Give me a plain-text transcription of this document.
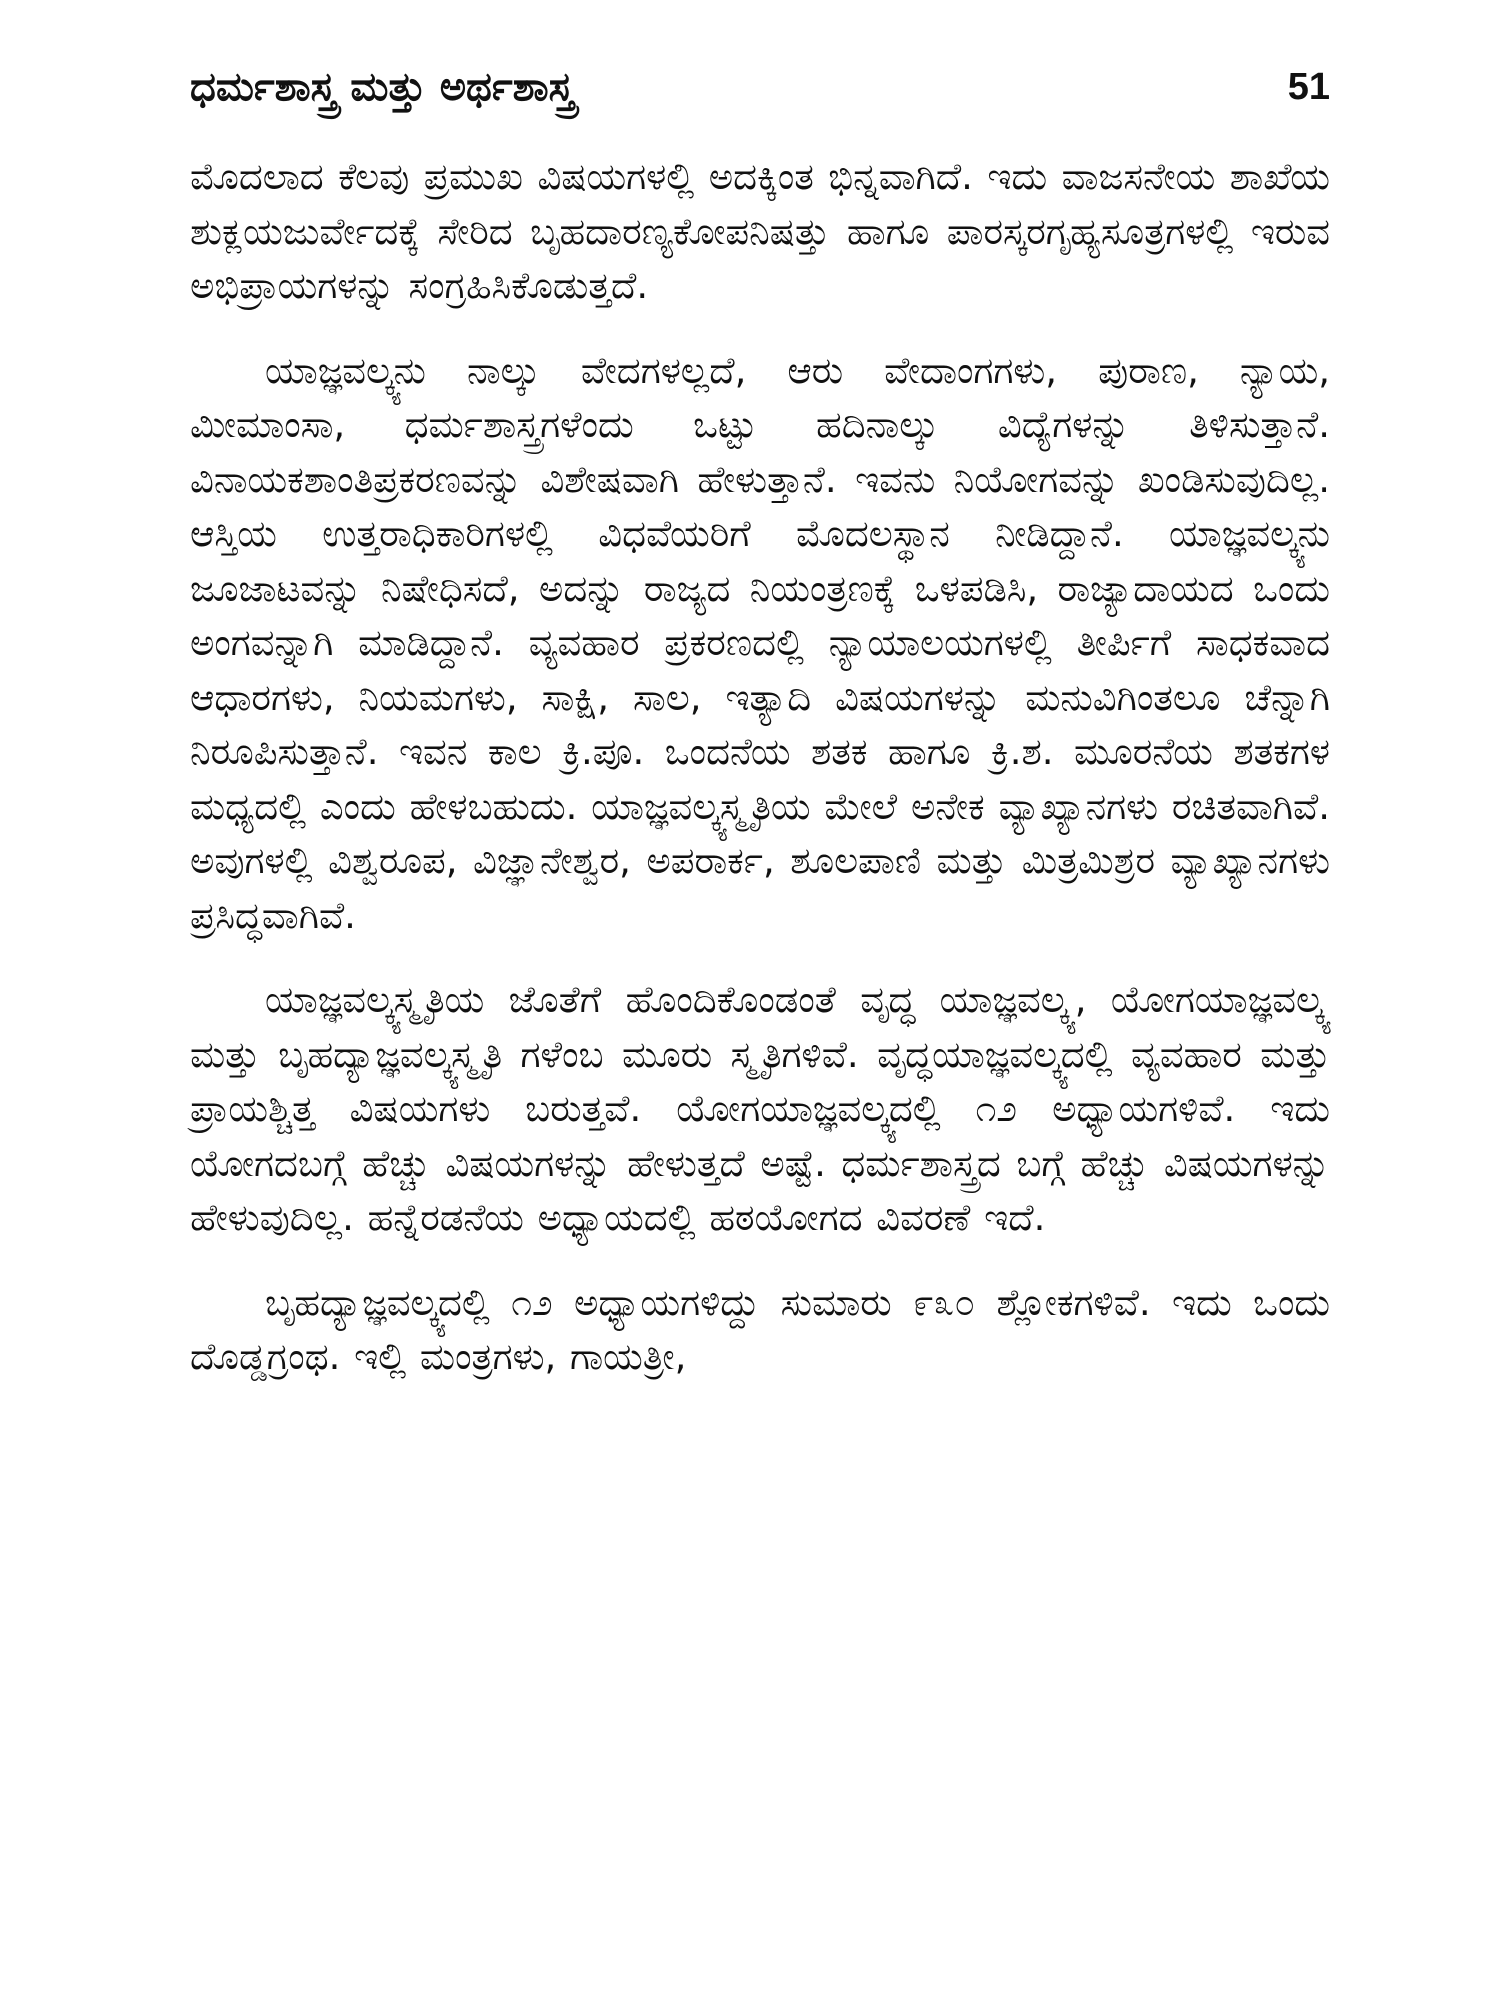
ಧರ್ಮಶಾಸ್ತ್ರ ಮತ್ತು ಅರ್ಥಶಾಸ್ತ್ರ	51

ಮೊದಲಾದ ಕೆಲವು ಪ್ರಮುಖ ವಿಷಯಗಳಲ್ಲಿ ಅದಕ್ಕಿಂತ ಭಿನ್ನವಾಗಿದೆ. ಇದು ವಾಜಸನೇಯ ಶಾಖೆಯ ಶುಕ್ಲಯಜುರ್ವೇದಕ್ಕೆ ಸೇರಿದ ಬೃಹದಾರಣ್ಯಕೋಪನಿಷತ್ತು ಹಾಗೂ ಪಾರಸ್ಕರಗೃಹ್ಯಸೂತ್ರಗಳಲ್ಲಿ ಇರುವ ಅಭಿಪ್ರಾಯಗಳನ್ನು ಸಂಗ್ರಹಿಸಿಕೊಡುತ್ತದೆ.

ಯಾಜ್ಞವಲ್ಕ್ಯನು ನಾಲ್ಕು ವೇದಗಳಲ್ಲದೆ, ಆರು ವೇದಾಂಗಗಳು, ಪುರಾಣ, ನ್ಯಾಯ, ಮೀಮಾಂಸಾ, ಧರ್ಮಶಾಸ್ತ್ರಗಳೆಂದು ಒಟ್ಟು ಹದಿನಾಲ್ಕು ವಿದ್ಯೆಗಳನ್ನು ತಿಳಿಸುತ್ತಾನೆ. ವಿನಾಯಕಶಾಂತಿಪ್ರಕರಣವನ್ನು ವಿಶೇಷವಾಗಿ ಹೇಳುತ್ತಾನೆ. ಇವನು ನಿಯೋಗವನ್ನು ಖಂಡಿಸುವುದಿಲ್ಲ. ಆಸ್ತಿಯ ಉತ್ತರಾಧಿಕಾರಿಗಳಲ್ಲಿ ವಿಧವೆಯರಿಗೆ ಮೊದಲಸ್ಥಾನ ನೀಡಿದ್ದಾನೆ. ಯಾಜ್ಞವಲ್ಕ್ಯನು ಜೂಜಾಟವನ್ನು ನಿಷೇಧಿಸದೆ, ಅದನ್ನು ರಾಜ್ಯದ ನಿಯಂತ್ರಣಕ್ಕೆ ಒಳಪಡಿಸಿ, ರಾಜ್ಯಾದಾಯದ ಒಂದು ಅಂಗವನ್ನಾಗಿ ಮಾಡಿದ್ದಾನೆ. ವ್ಯವಹಾರ ಪ್ರಕರಣದಲ್ಲಿ ನ್ಯಾಯಾಲಯಗಳಲ್ಲಿ ತೀರ್ಪಿಗೆ ಸಾಧಕವಾದ ಆಧಾರಗಳು, ನಿಯಮಗಳು, ಸಾಕ್ಷಿ, ಸಾಲ, ಇತ್ಯಾದಿ ವಿಷಯಗಳನ್ನು ಮನುವಿಗಿಂತಲೂ ಚೆನ್ನಾಗಿ ನಿರೂಪಿಸುತ್ತಾನೆ. ಇವನ ಕಾಲ ಕ್ರಿ.ಪೂ. ಒಂದನೆಯ ಶತಕ ಹಾಗೂ ಕ್ರಿ.ಶ. ಮೂರನೆಯ ಶತಕಗಳ ಮಧ್ಯದಲ್ಲಿ ಎಂದು ಹೇಳಬಹುದು. ಯಾಜ್ಞವಲ್ಕ್ಯಸ್ಮೃತಿಯ ಮೇಲೆ ಅನೇಕ ವ್ಯಾಖ್ಯಾನಗಳು ರಚಿತವಾಗಿವೆ. ಅವುಗಳಲ್ಲಿ ವಿಶ್ವರೂಪ, ವಿಜ್ಞಾನೇಶ್ವರ, ಅಪರಾರ್ಕ, ಶೂಲಪಾಣಿ ಮತ್ತು ಮಿತ್ರಮಿಶ್ರರ ವ್ಯಾಖ್ಯಾನಗಳು ಪ್ರಸಿದ್ಧವಾಗಿವೆ.

ಯಾಜ್ಞವಲ್ಕ್ಯಸ್ಮೃತಿಯ ಜೊತೆಗೆ ಹೊಂದಿಕೊಂಡಂತೆ ವೃದ್ಧ ಯಾಜ್ಞವಲ್ಕ್ಯ, ಯೋಗಯಾಜ್ಞವಲ್ಕ್ಯ ಮತ್ತು ಬೃಹದ್ಯಾಜ್ಞವಲ್ಕ್ಯಸ್ಮೃತಿ ಗಳೆಂಬ ಮೂರು ಸ್ಮೃತಿಗಳಿವೆ. ವೃದ್ಧಯಾಜ್ಞವಲ್ಕ್ಯದಲ್ಲಿ ವ್ಯವಹಾರ ಮತ್ತು ಪ್ರಾಯಶ್ಚಿತ್ತ ವಿಷಯಗಳು ಬರುತ್ತವೆ. ಯೋಗಯಾಜ್ಞವಲ್ಕ್ಯದಲ್ಲಿ ೧೨ ಅಧ್ಯಾಯಗಳಿವೆ. ಇದು ಯೋಗದಬಗ್ಗೆ ಹೆಚ್ಚು ವಿಷಯಗಳನ್ನು ಹೇಳುತ್ತದೆ ಅಷ್ಟೆ. ಧರ್ಮಶಾಸ್ತ್ರದ ಬಗ್ಗೆ ಹೆಚ್ಚು ವಿಷಯಗಳನ್ನು ಹೇಳುವುದಿಲ್ಲ. ಹನ್ನೆರಡನೆಯ ಅಧ್ಯಾಯದಲ್ಲಿ ಹಠಯೋಗದ ವಿವರಣೆ ಇದೆ.

ಬೃಹದ್ಯಾಜ್ಞವಲ್ಕ್ಯದಲ್ಲಿ ೧೨ ಅಧ್ಯಾಯಗಳಿದ್ದು ಸುಮಾರು ೯೩೦ ಶ್ಲೋಕಗಳಿವೆ. ಇದು ಒಂದು ದೊಡ್ಡಗ್ರಂಥ. ಇಲ್ಲಿ ಮಂತ್ರಗಳು, ಗಾಯತ್ರೀ,
